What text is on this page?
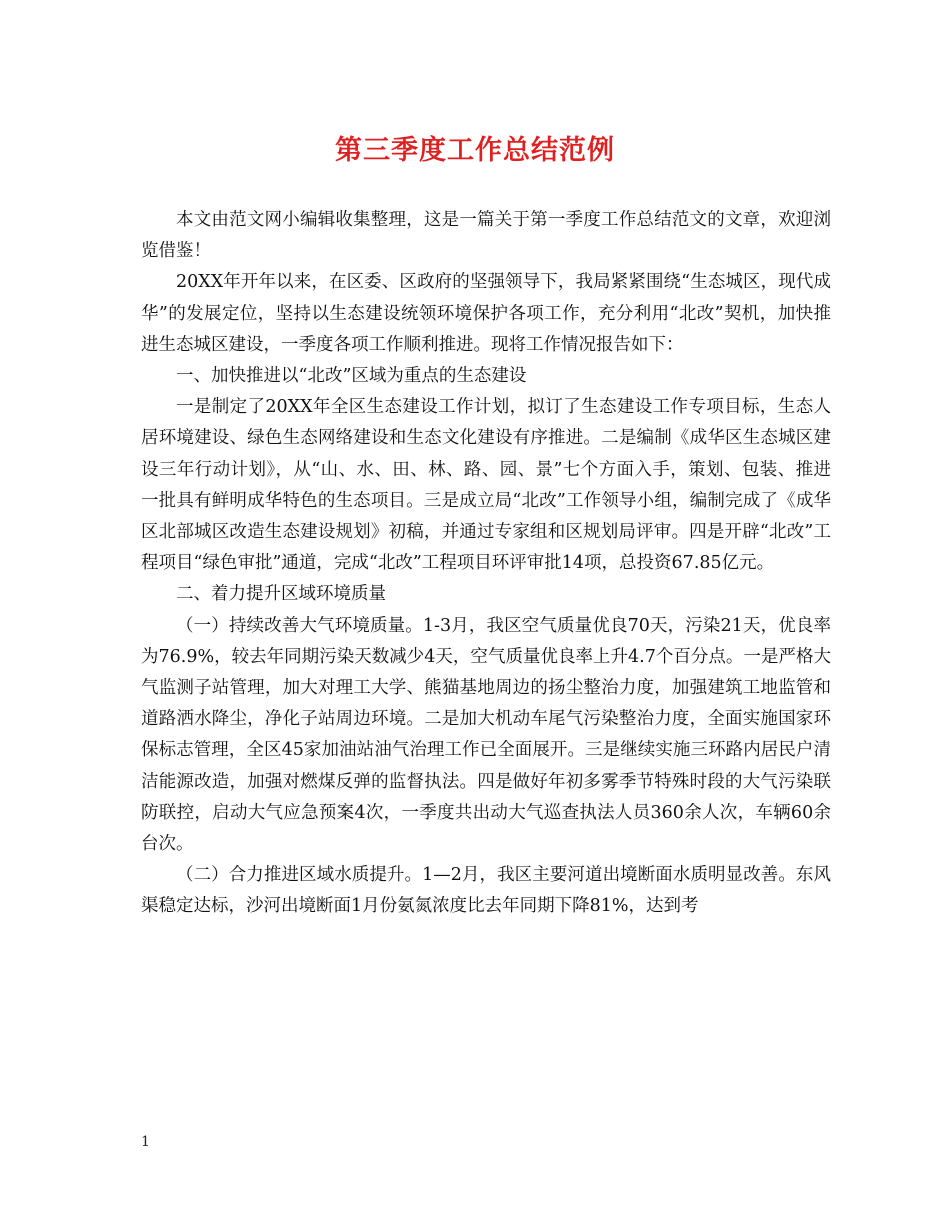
第三季度工作总结范例

本文由范文网小编辑收集整理，这是一篇关于第一季度工作总结范文的文章，欢迎浏览借鉴！

20XX年开年以来，在区委、区政府的坚强领导下，我局紧紧围绕“生态城区，现代成华”的发展定位，坚持以生态建设统领环境保护各项工作，充分利用“北改”契机，加快推进生态城区建设，一季度各项工作顺利推进。现将工作情况报告如下：

一、加快推进以“北改”区域为重点的生态建设

一是制定了20XX年全区生态建设工作计划，拟订了生态建设工作专项目标，生态人居环境建设、绿色生态网络建设和生态文化建设有序推进。二是编制《成华区生态城区建设三年行动计划》，从“山、水、田、林、路、园、景”七个方面入手，策划、包装、推进一批具有鲜明成华特色的生态项目。三是成立局“北改”工作领导小组，编制完成了《成华区北部城区改造生态建设规划》初稿，并通过专家组和区规划局评审。四是开辟“北改”工程项目“绿色审批”通道，完成“北改”工程项目环评审批14项，总投资67.85亿元。

二、着力提升区域环境质量

（一）持续改善大气环境质量。1-3月，我区空气质量优良70天，污染21天，优良率为76.9%，较去年同期污染天数减少4天，空气质量优良率上升4.7个百分点。一是严格大气监测子站管理，加大对理工大学、熊猫基地周边的扬尘整治力度，加强建筑工地监管和道路洒水降尘，净化子站周边环境。二是加大机动车尾气污染整治力度，全面实施国家环保标志管理，全区45家加油站油气治理工作已全面展开。三是继续实施三环路内居民户清洁能源改造，加强对燃煤反弹的监督执法。四是做好年初多雾季节特殊时段的大气污染联防联控，启动大气应急预案4次，一季度共出动大气巡查执法人员360余人次，车辆60余台次。

（二）合力推进区域水质提升。1—2月，我区主要河道出境断面水质明显改善。东风渠稳定达标，沙河出境断面1月份氨氮浓度比去年同期下降81%，达到考

1
